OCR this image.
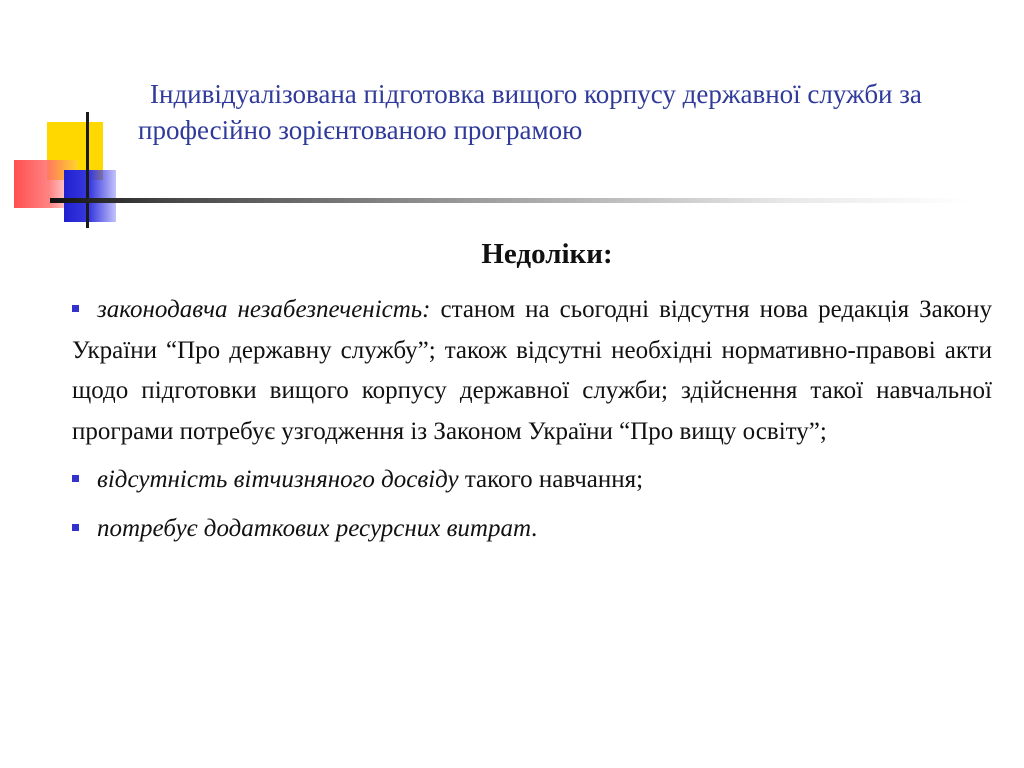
Індивідуалізована підготовка вищого корпусу державної служби за професійно зорієнтованою програмою
Недоліки:
законодавча незабезпеченість: станом на сьогодні відсутня нова редакція Закону України “Про державну службу”; також відсутні необхідні нормативно-правові акти щодо підготовки вищого корпусу державної служби; здійснення такої навчальної програми потребує узгодження із Законом України “Про вищу освіту”;
відсутність вітчизняного досвіду такого навчання;
потребує додаткових ресурсних витрат.
